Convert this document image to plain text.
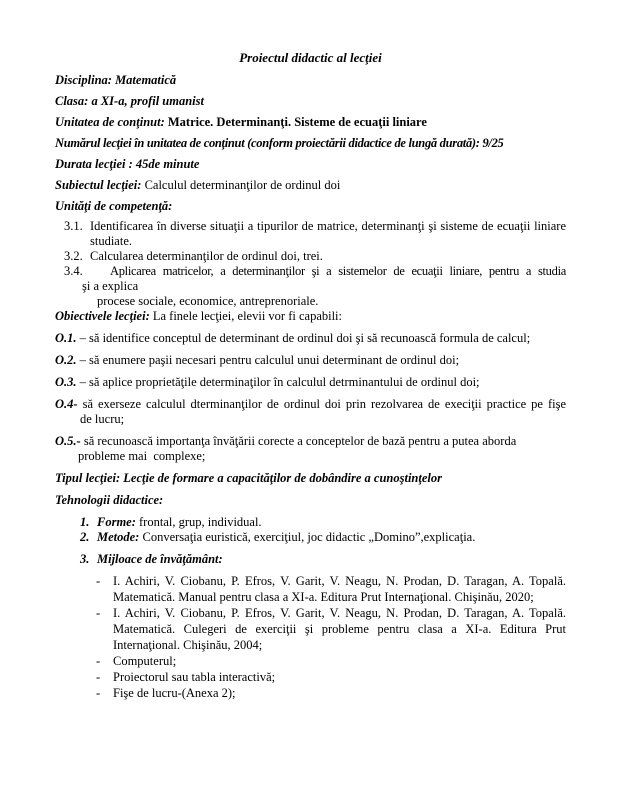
Proiectul didactic al lecţiei

Disciplina: Matematică

Clasa: a XI-a, profil umanist

Unitatea de conţinut: Matrice. Determinanţi. Sisteme de ecuaţii liniare

Numărul lecţiei în unitatea de conţinut (conform proiectării didactice de lungă durată): 9/25

Durata lecţiei : 45de minute

Subiectul lecţiei: Calculul determinanţilor de ordinul doi

Unităţi de competenţă:

3.1. Identificarea în diverse situaţii a tipurilor de matrice, determinanţi şi sisteme de ecuaţii liniare studiate.
3.2. Calcularea determinanţilor de ordinul doi, trei.
3.4.	Aplicarea matricelor, a determinanţilor şi a sistemelor de ecuaţii liniare, pentru a studia
şi a explica
procese sociale, economice, antreprenoriale.

Obiectivele lecţiei: La finele lecţiei, elevii vor fi capabili:

O.1. – să identifice conceptul de determinant de ordinul doi şi să recunoască formula de calcul;
O.2. – să enumere paşii necesari pentru calculul unui determinant de ordinul doi;
O.3. – să aplice proprietăţile determinaţilor în calculul detrminantului de ordinul doi;
O.4- să exerseze calculul dterminanţilor de ordinul doi prin rezolvarea de execiţii practice pe fişe
de lucru;
O.5.- să recunoască importanţa învăţării corecte a conceptelor de bază pentru a putea aborda
probleme mai  complexe;

Tipul lecţiei: Lecţie de formare a capacităţilor de dobândire a cunoştinţelor

Tehnologii didactice:

1. Forme: frontal, grup, individual.
2. Metode: Conversaţia euristică, exerciţiul, joc didactic „Domino”,explicaţia.
3. Mijloace de învăţământ:
-	I. Achiri, V. Ciobanu, P. Efros, V. Garit, V. Neagu, N. Prodan, D. Taragan, A. Topală. Matematică. Manual pentru clasa a XI-a. Editura Prut Internaţional. Chişinău, 2020;
-	I. Achiri, V. Ciobanu, P. Efros, V. Garit, V. Neagu, N. Prodan, D. Taragan, A. Topală. Matematică. Culegeri de exerciţii şi probleme pentru clasa a XI-a. Editura Prut Internaţional. Chişinău, 2004;
-	Computerul;
-	Proiectorul sau tabla interactivă;
-	Fişe de lucru-(Anexa 2);
